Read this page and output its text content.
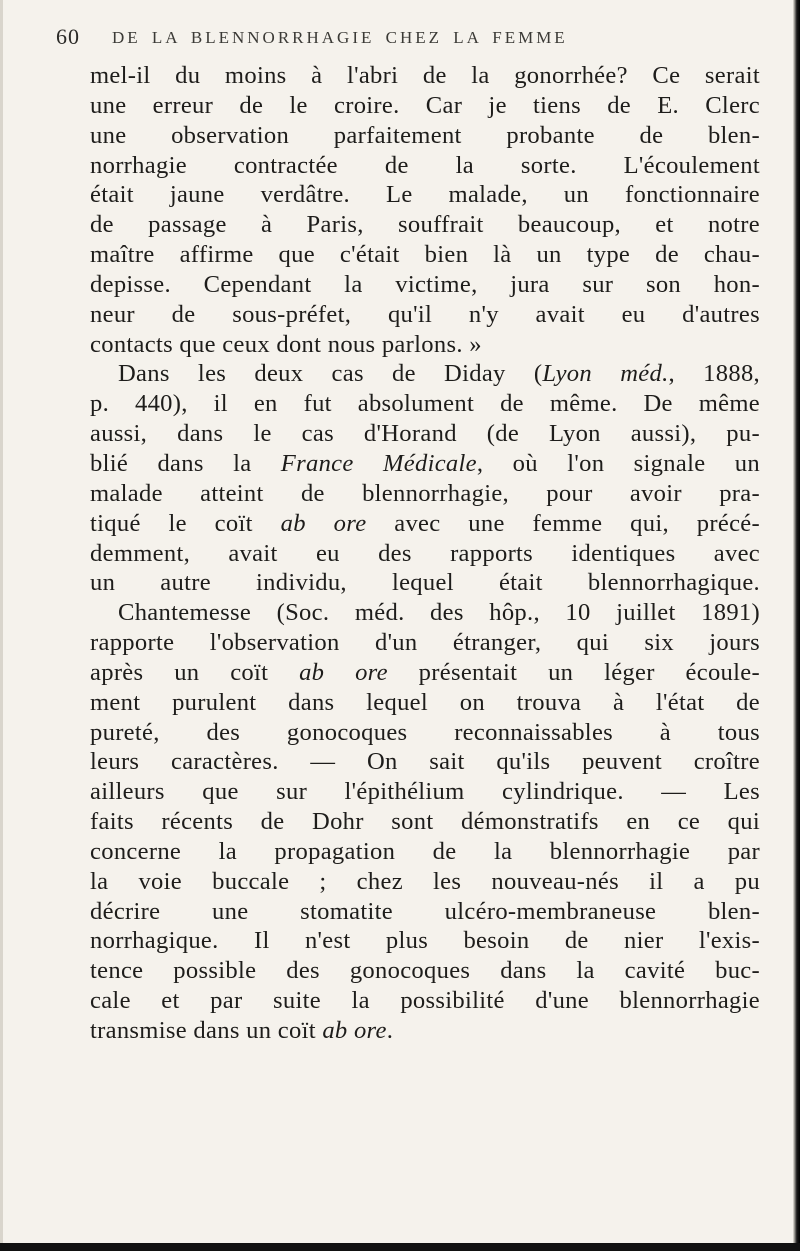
60 DE LA BLENNORRHAGIE CHEZ LA FEMME
mel-il du moins à l'abri de la gonorrhée? Ce serait
une erreur de le croire. Car je tiens de E. Clerc
une observation parfaitement probante de blen-
norrhagie contractée de la sorte. L'écoulement
était jaune verdâtre. Le malade, un fonctionnaire
de passage à Paris, souffrait beaucoup, et notre
maître affirme que c'était bien là un type de chau-
depisse. Cependant la victime, jura sur son hon-
neur de sous-préfet, qu'il n'y avait eu d'autres
contacts que ceux dont nous parlons. »
Dans les deux cas de Diday (Lyon méd., 1888,
p. 440), il en fut absolument de même. De même
aussi, dans le cas d'Horand (de Lyon aussi), pu-
blié dans la France Médicale, où l'on signale un
malade atteint de blennorrhagie, pour avoir pra-
tiqué le coït ab ore avec une femme qui, précé-
demment, avait eu des rapports identiques avec
un autre individu, lequel était blennorrhagique.
Chantemesse (Soc. méd. des hôp., 10 juillet 1891)
rapporte l'observation d'un étranger, qui six jours
après un coït ab ore présentait un léger écoule-
ment purulent dans lequel on trouva à l'état de
pureté, des gonocoques reconnaissables à tous
leurs caractères. — On sait qu'ils peuvent croître
ailleurs que sur l'épithélium cylindrique. — Les
faits récents de Dohr sont démonstratifs en ce qui
concerne la propagation de la blennorrhagie par
la voie buccale ; chez les nouveau-nés il a pu
décrire une stomatite ulcéro-membraneuse blen-
norrhagique. Il n'est plus besoin de nier l'exis-
tence possible des gonocoques dans la cavité buc-
cale et par suite la possibilité d'une blennorrhagie
transmise dans un coït ab ore.
